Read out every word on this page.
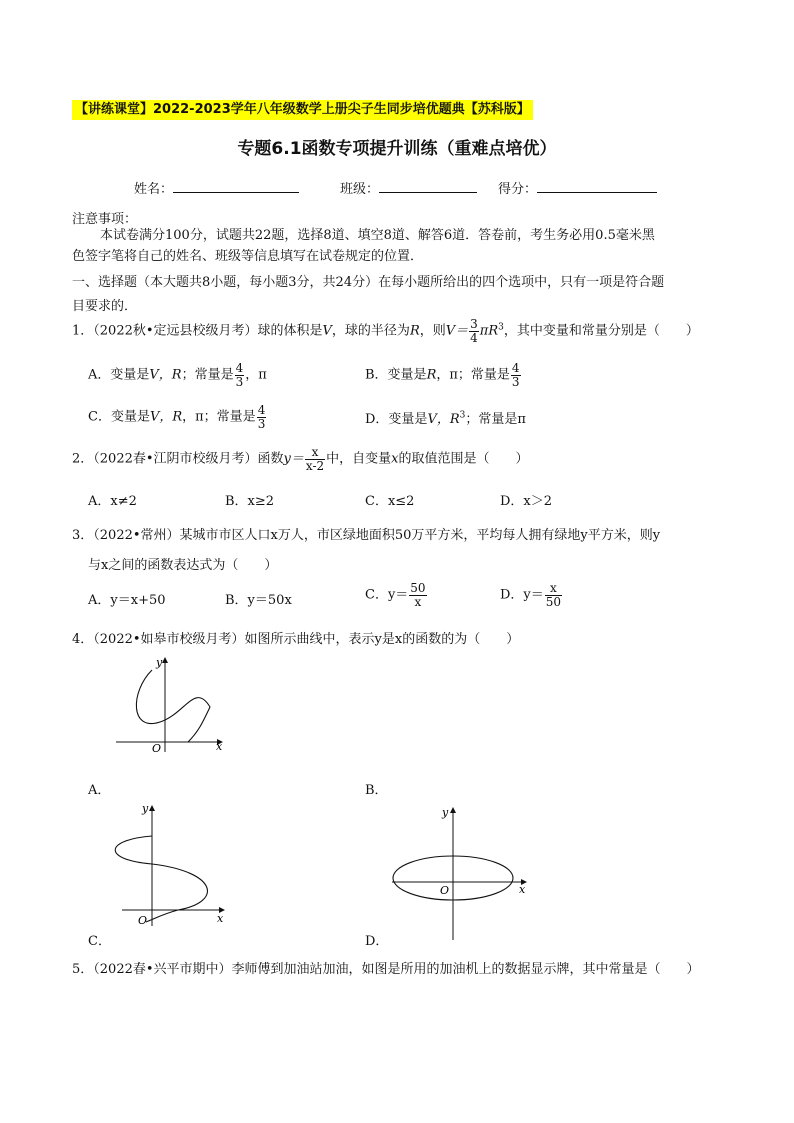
【讲练课堂】2022-2023学年八年级数学上册尖子生同步培优题典【苏科版】
专题6.1函数专项提升训练（重难点培优）
姓名：	班级：	得分：
注意事项：
本试卷满分100分，试题共22题，选择8道、填空8道、解答6道．答卷前，考生务必用0.5毫米黑
色签字笔将自己的姓名、班级等信息填写在试卷规定的位置．
一、选择题（本大题共8小题，每小题3分，共24分）在每小题所给出的四个选项中，只有一项是符合题
目要求的．
1．（2022秋•定远县校级月考）球的体积是V，球的半径为R，则$V= \frac{3}{4} \pi R^3$，其中变量和常量分别是（　　）
A．变量是V，R；常量是 $\frac{4}{3}$ ，π	B．变量是R，π；常量是 $\frac{4}{3}$
C．变量是V，R，π；常量是 $\frac{4}{3}$	D．变量是V，$R^3$；常量是π
2．（2022春•江阴市校级月考）函数$y= \frac{x}{x-2}$ 中，自变量x的取值范围是（　　）
A．x≠2	B．x≥2	C．x≤2	D．x＞2
3．（2022•常州）某城市市区人口x万人，市区绿地面积50万平方米，平均每人拥有绿地y平方米，则y
与x之间的函数表达式为（　　）
A．y＝x+50	B．y＝50x	C．$y= \frac{50}{x}$	D．$y= \frac{x}{50}$
4．（2022•如皋市校级月考）如图所示曲线中，表示y是x的函数的为（　　）
y
x
O
A．	B．
y
x
O
y
x
O
C．	D．
5．（2022春•兴平市期中）李师傅到加油站加油，如图是所用的加油机上的数据显示牌，其中常量是（　　）
